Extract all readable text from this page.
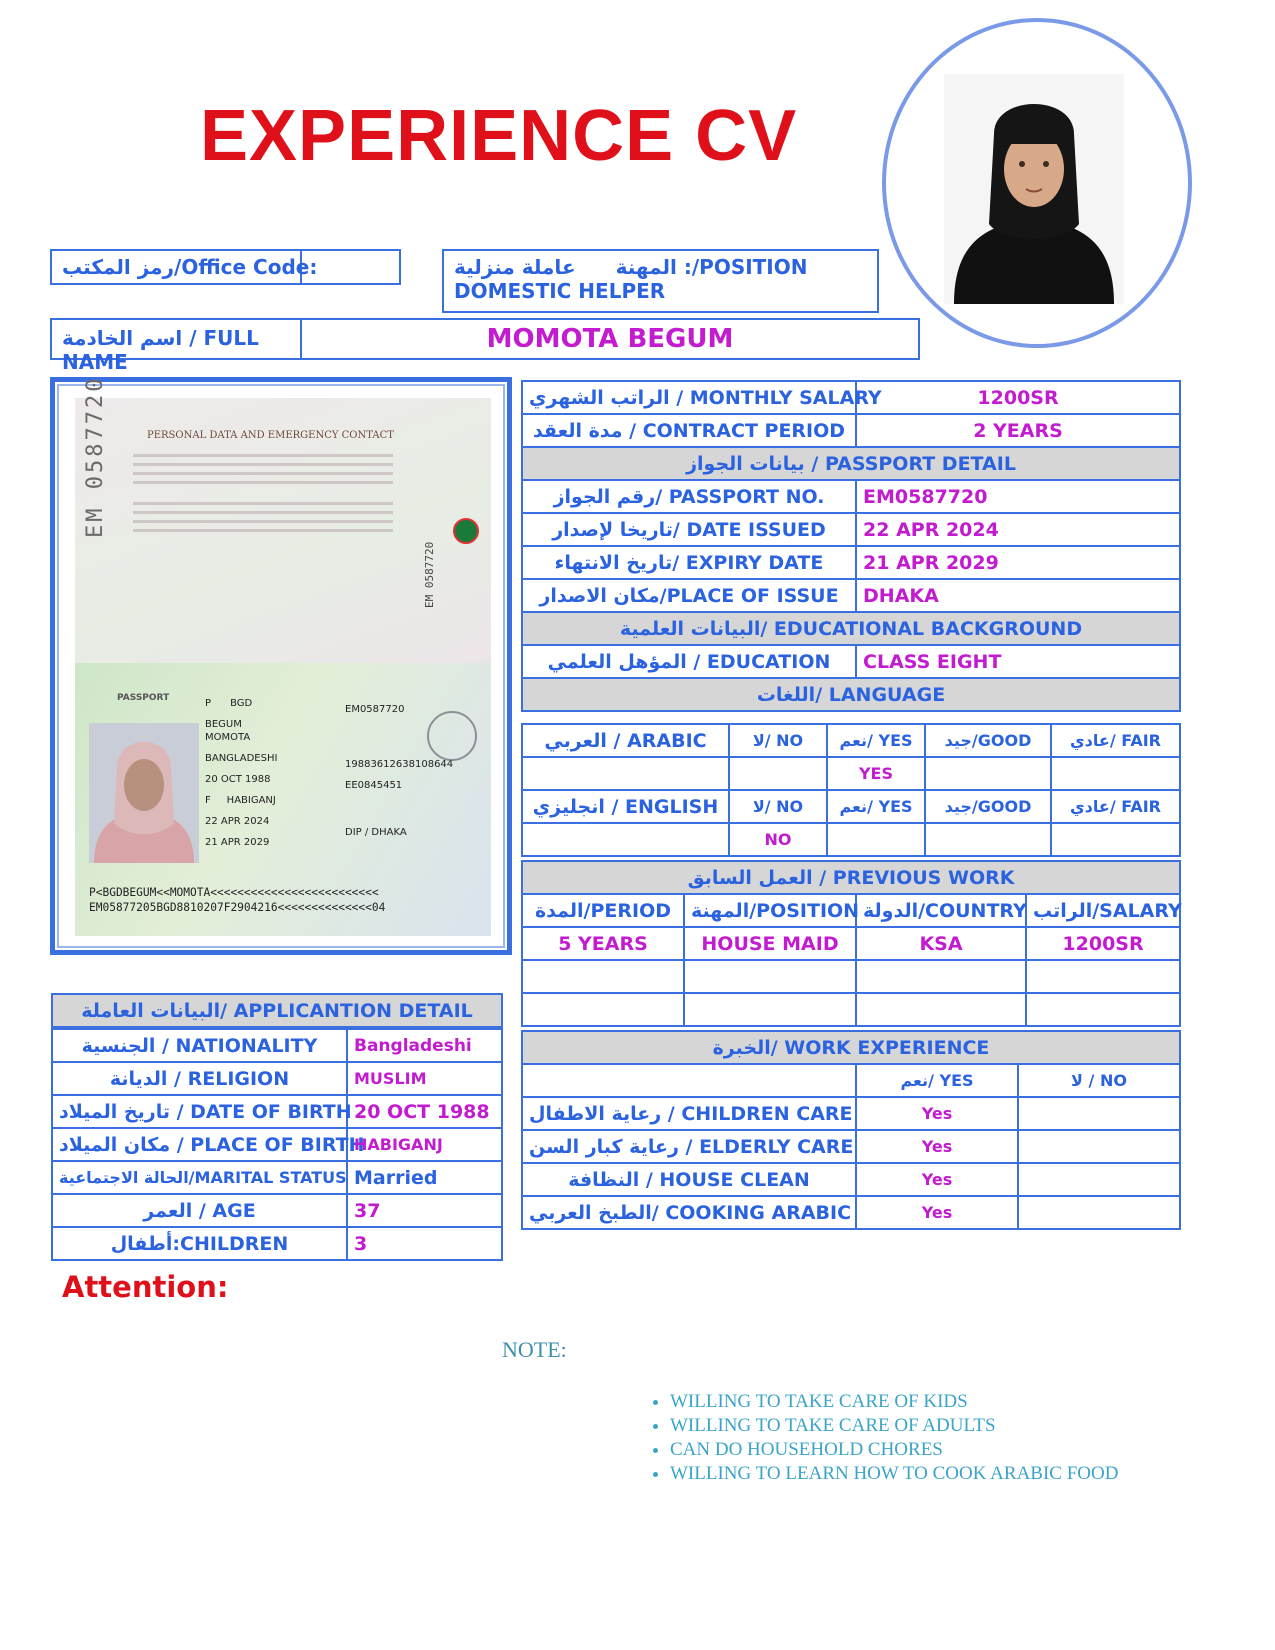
EXPERIENCE CV
رمز المكتب/Office Code:	عاملة منزلية المهنة :/POSITION
DOMESTIC HELPER
اسم الخادمة / FULL NAME
MOMOTA BEGUM
PERSONAL DATA AND EMERGENCY CONTACT
EM 0587720
EM 0587720
PASSPORT	P BGD
BEGUM
MOMOTA
BANGLADESHI
20 OCT 1988
F HABIGANJ
22 APR 2024
21 APR 2029
EM0587720
19883612638108644
EE0845451
DIP / DHAKA
P<BGDBEGUM<<MOMOTA<<<<<<<<<<<<<<<<<<<<<<<<<
EM05877205BGD8810207F2904216<<<<<<<<<<<<<<04
الراتب الشهري / MONTHLY SALARY	1200SR
مدة العقد / CONTRACT PERIOD	2 YEARS
بيانات الجواز / PASSPORT DETAIL	
رقم الجواز/ PASSPORT NO.	EM0587720
تاريخا لإصدار/ DATE ISSUED	22 APR 2024
تاريخ الانتهاء/ EXPIRY DATE	21 APR 2029
مكان الاصدار/PLACE OF ISSUE	DHAKA
البيانات العلمية/ EDUCATIONAL BACKGROUND	
المؤهل العلمي / EDUCATION	CLASS EIGHT
اللغات/ LANGUAGE	
العربي / ARABIC	لا/ NO	نعم/ YES	جيد/GOOD	عادي/ FAIR
		YES		
انجليزي / ENGLISH	لا/ NO	نعم/ YES	جيد/GOOD	عادي/ FAIR
	NO			
العمل السابق / PREVIOUS WORK			
المدة/PERIOD	المهنة/POSITION	الدولة/COUNTRY	الراتب/SALARY
5 YEARS	HOUSE MAID	KSA	1200SR

الخبرة/ WORK EXPERIENCE		
	نعم/ YES	لا / NO
رعاية الاطفال / CHILDREN CARE	Yes	
رعاية كبار السن / ELDERLY CARE	Yes	
النظافة / HOUSE CLEAN	Yes	
الطبخ العربي/ COOKING ARABIC	Yes	
البيانات العاملة/ APPLICANTION DETAIL	
الجنسية / NATIONALITY	Bangladeshi
الديانة / RELIGION	MUSLIM
تاريخ الميلاد / DATE OF BIRTH	20 OCT 1988
مكان الميلاد / PLACE OF BIRTH	HABIGANJ
الحالة الاجتماعية/MARITAL STATUS	Married
العمر / AGE	37
أطفال:CHILDREN	3
Attention:
NOTE:
• WILLING TO TAKE CARE OF KIDS
• WILLING TO TAKE CARE OF ADULTS
• CAN DO HOUSEHOLD CHORES
• WILLING TO LEARN HOW TO COOK ARABIC FOOD
